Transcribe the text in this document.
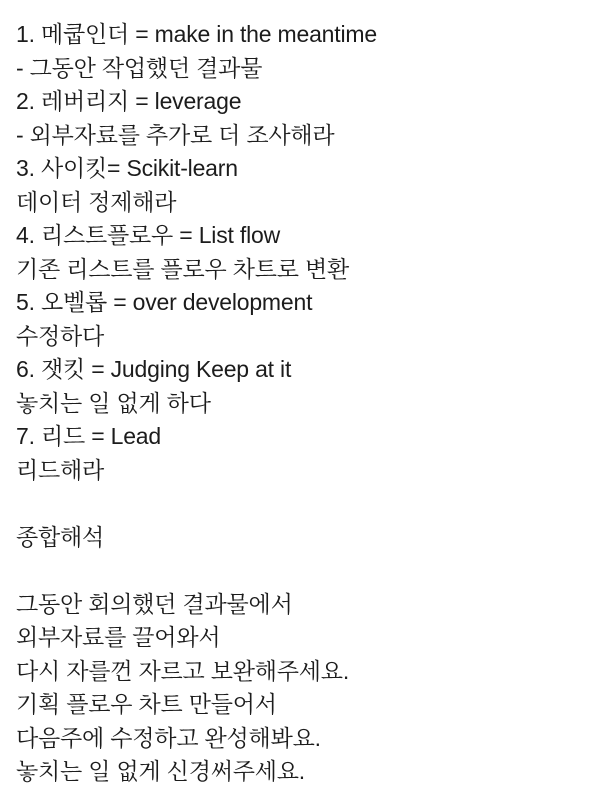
1. 메쿱인더 = make in the meantime
- 그동안 작업했던 결과물
2. 레버리지 = leverage
- 외부자료를 추가로 더 조사해라
3. 사이킷= Scikit-learn
데이터 정제해라
4. 리스트플로우 = List flow
기존 리스트를 플로우 차트로 변환
5. 오벨롭 = over development
수정하다
6. 잿킷 = Judging Keep at it
놓치는 일 없게 하다
7. 리드 = Lead
리드해라
종합해석
그동안 회의했던 결과물에서
외부자료를 끌어와서
다시 자를껀 자르고 보완해주세요.
기획 플로우 차트 만들어서
다음주에 수정하고 완성해봐요.
놓치는 일 없게 신경써주세요.
